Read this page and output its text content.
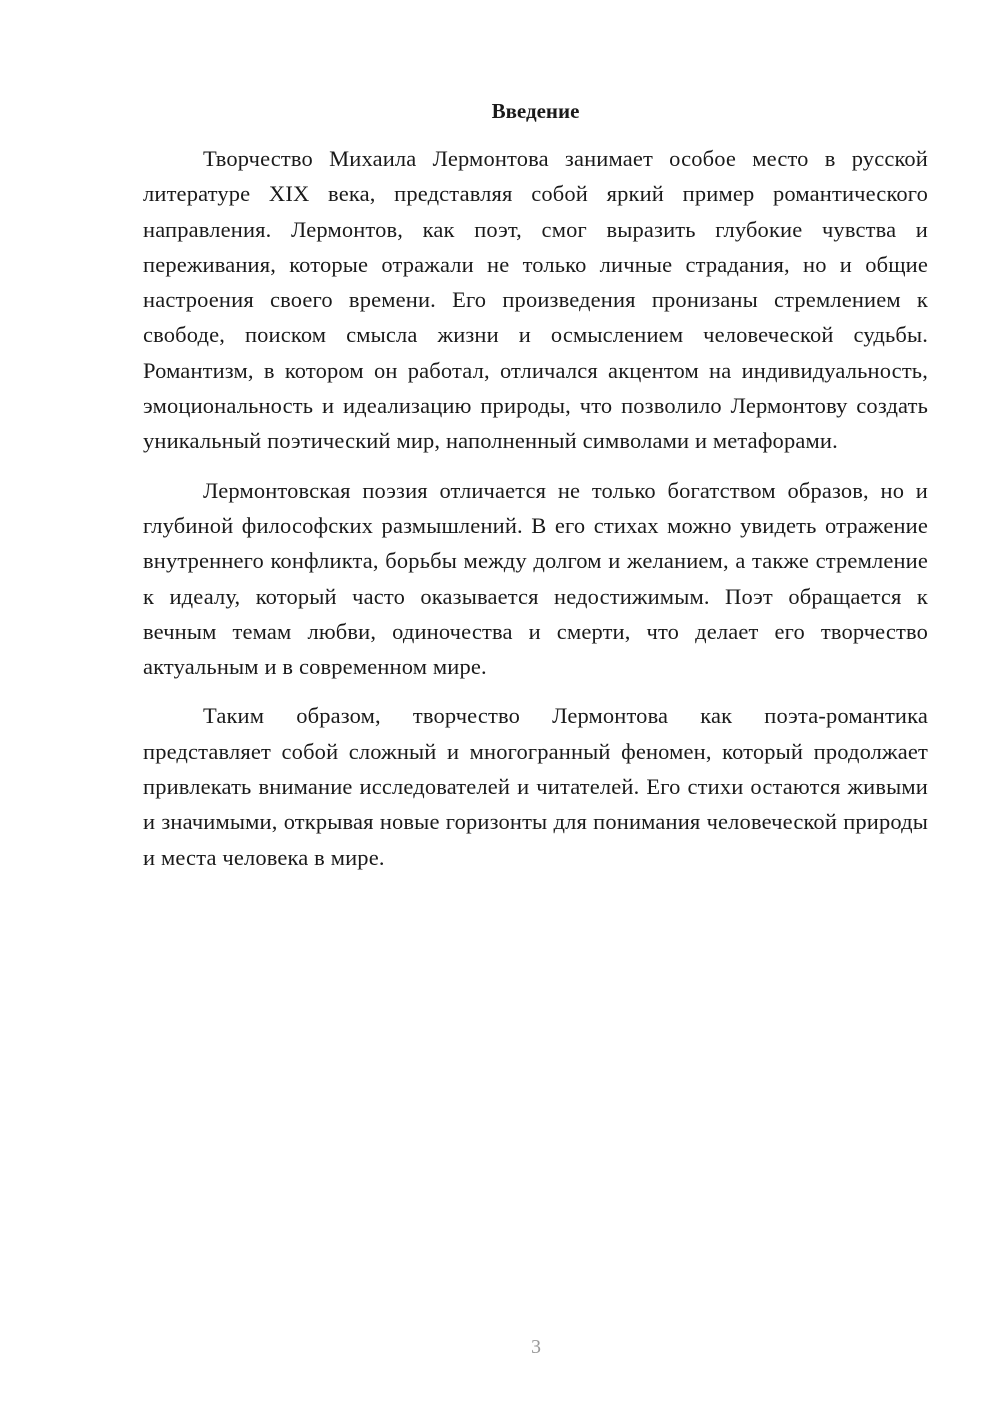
Введение

Творчество Михаила Лермонтова занимает особое место в русской литературе XIX века, представляя собой яркий пример романтического направления. Лермонтов, как поэт, смог выразить глубокие чувства и переживания, которые отражали не только личные страдания, но и общие настроения своего времени. Его произведения пронизаны стремлением к свободе, поиском смысла жизни и осмыслением человеческой судьбы. Романтизм, в котором он работал, отличался акцентом на индивидуальность, эмоциональность и идеализацию природы, что позволило Лермонтову создать уникальный поэтический мир, наполненный символами и метафорами.

Лермонтовская поэзия отличается не только богатством образов, но и глубиной философских размышлений. В его стихах можно увидеть отражение внутреннего конфликта, борьбы между долгом и желанием, а также стремление к идеалу, который часто оказывается недостижимым. Поэт обращается к вечным темам любви, одиночества и смерти, что делает его творчество актуальным и в современном мире.

Таким образом, творчество Лермонтова как поэта-романтика представляет собой сложный и многогранный феномен, который продолжает привлекать внимание исследователей и читателей. Его стихи остаются живыми и значимыми, открывая новые горизонты для понимания человеческой природы и места человека в мире.

3
